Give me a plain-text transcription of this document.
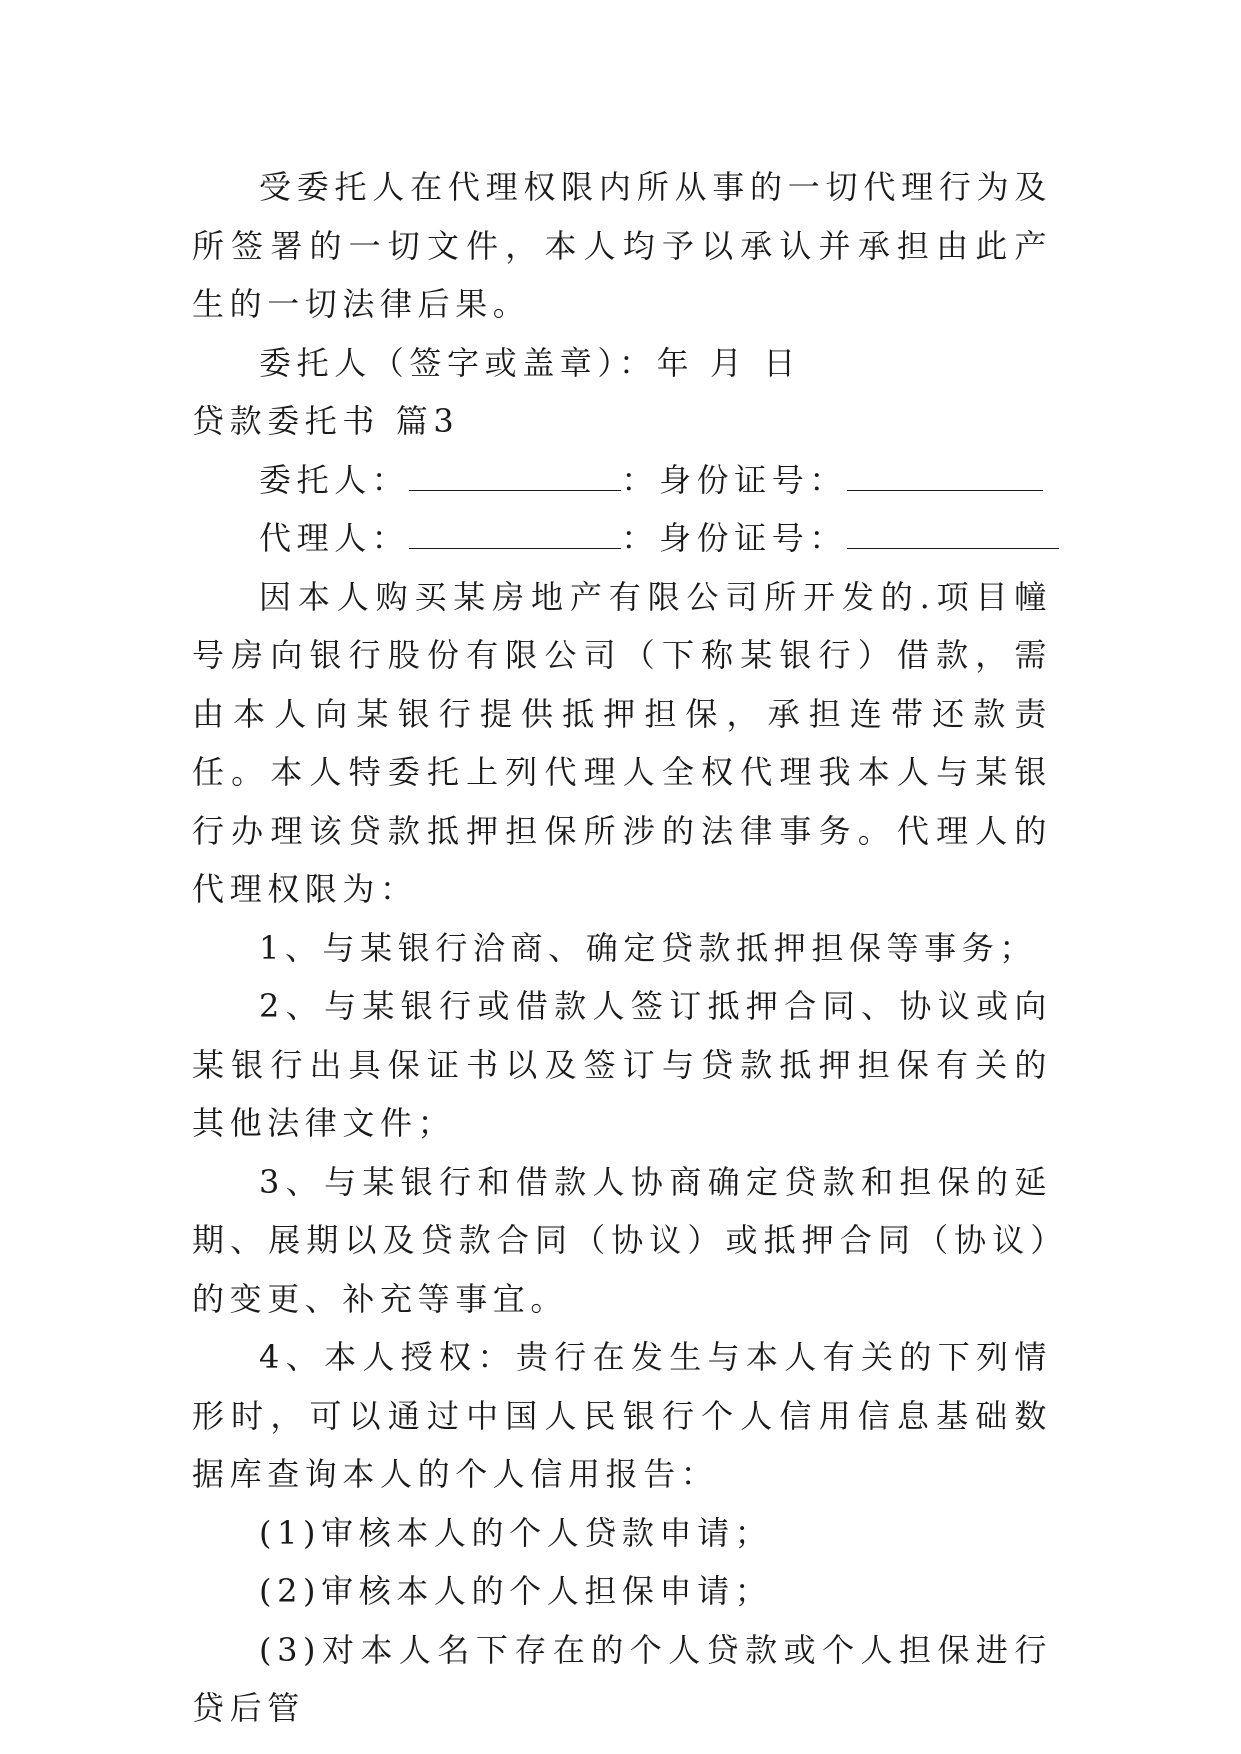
受委托人在代理权限内所从事的一切代理行为及所签署的一切文件，本人均予以承认并承担由此产生的一切法律后果。

委托人（签字或盖章）：年 月 日

贷款委托书 篇3

委托人：	：身份证号：

代理人：	：身份证号：

因本人购买某房地产有限公司所开发的.项目幢号房向银行股份有限公司（下称某银行）借款，需由本人向某银行提供抵押担保，承担连带还款责任。本人特委托上列代理人全权代理我本人与某银行办理该贷款抵押担保所涉的法律事务。代理人的代理权限为：

1、与某银行洽商、确定贷款抵押担保等事务；

2、与某银行或借款人签订抵押合同、协议或向某银行出具保证书以及签订与贷款抵押担保有关的其他法律文件；

3、与某银行和借款人协商确定贷款和担保的延期、展期以及贷款合同（协议）或抵押合同（协议）的变更、补充等事宜。

4、本人授权：贵行在发生与本人有关的下列情形时，可以通过中国人民银行个人信用信息基础数据库查询本人的个人信用报告：

(1)审核本人的个人贷款申请；

(2)审核本人的个人担保申请；

(3)对本人名下存在的个人贷款或个人担保进行贷后管
